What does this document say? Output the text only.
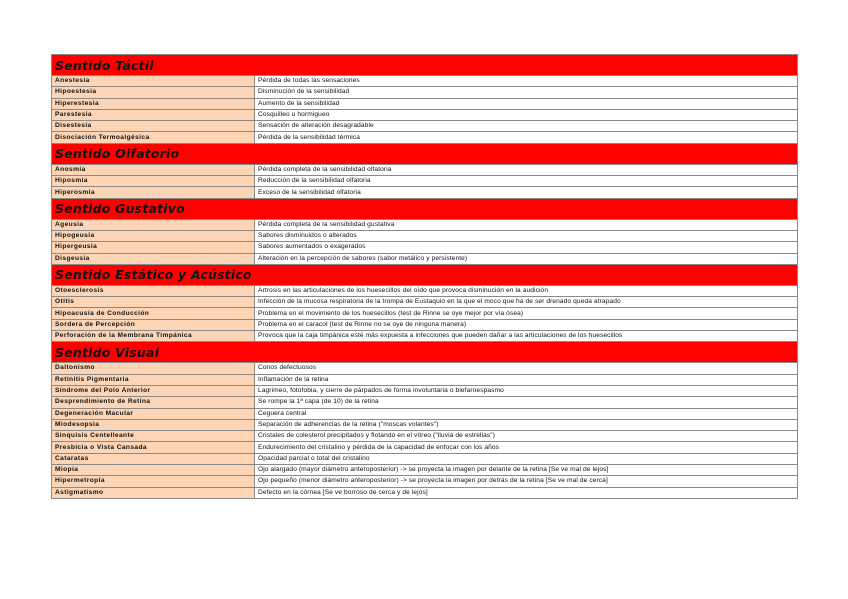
Sentido Táctil	
Anestesia	Pérdida de todas las sensaciones
Hipoestesia	Disminución de la sensibilidad
Hiperestesia	Aumento de la sensibilidad
Parestesia	Cosquilleo u hormigueo
Disestesia	Sensación de alteración desagradable
Disociación Termoalgésica	Pérdida de la sensibilidad térmica
Sentido Olfatorio	
Anosmia	Pérdida completa de la sensibilidad olfatoria
Hiposmia	Reducción de la sensibilidad olfatoria
Hiperosmia	Exceso de la sensibilidad olfatoria
Sentido Gustativo	
Ageusia	Pérdida completa de la sensibilidad gustativa
Hipogeusia	Sabores disminuidos o alterados
Hipergeusia	Sabores aumentados o exagerados
Disgeusia	Alteración en la percepción de sabores (sabor metálico y persistente)
Sentido Estático y Acústico	
Otoesclerosis	Artrosis en las articulaciones de los huesecillos del oído que provoca disminución en la audición
Otitis	Infección de la mucosa respiratoria de la trompa de Eustaquio en la que el moco que ha de ser drenado queda atrapado
Hipoacusia de Conducción	Problema en el movimiento de los huesecillos (test de Rinne se oye mejor por vía ósea)
Sordera de Percepción	Problema en el caracol (test de Rinne no se oye de ninguna manera)
Perforación de la Membrana Timpánica	Provoca que la caja timpánica esté más expuesta a infecciones que pueden dañar a las articulaciones de los huesecillos
Sentido Visual	
Daltonismo	Conos defectuosos
Retinitis Pigmentaria	Inflamación de la retina
Síndrome del Polo Anterior	Lagrimeo, fotofobia, y cierre de párpados de forma involuntaria o blefaroespasmo
Desprendimiento de Retina	Se rompe la 1ª capa (de 10) de la retina
Degeneración Macular	Ceguera central
Miodesopsia	Separación de adherencias de la retina ("moscas volantes")
Sinquisis Centelleante	Cristales de colesterol precipitados y flotando en el vítreo ("lluvia de estrellas")
Presbicia o Vista Cansada	Endurecimiento del cristalino y pérdida de la capacidad de enfocar con los años
Cataratas	Opacidad parcial o total del cristalino
Miopía	Ojo alargado (mayor diámetro anteroposterior) -> se proyecta la imagen por delante de la retina [Se ve mal de lejos]
Hipermetropía	Ojo pequeño (menor diámetro anteroposterior) -> se proyecta la imagen por detrás de la retina [Se ve mal de cerca]
Astigmatismo	Defecto en la córnea [Se ve borroso de cerca y de lejos]
